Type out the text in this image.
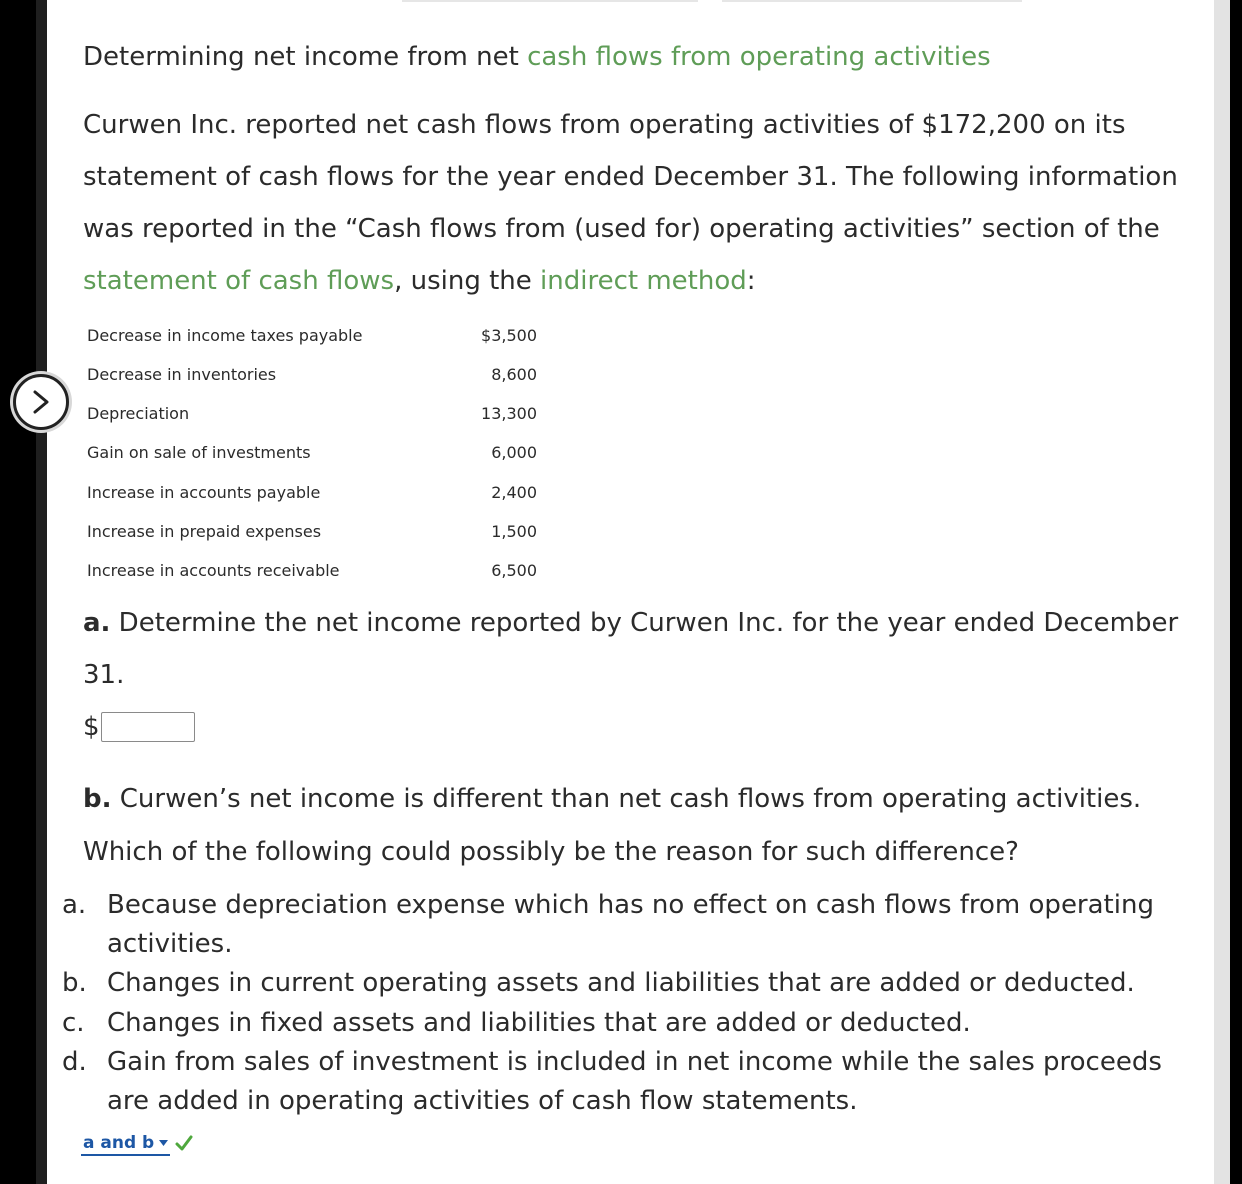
Determining net income from net cash flows from operating activities
Curwen Inc. reported net cash flows from operating activities of $172,200 on its
statement of cash flows for the year ended December 31. The following information
was reported in the “Cash flows from (used for) operating activities” section of the
statement of cash flows, using the indirect method:
Decrease in income taxes payable	$3,500
Decrease in inventories	8,600
Depreciation	13,300
Gain on sale of investments	6,000
Increase in accounts payable	2,400
Increase in prepaid expenses	1,500
Increase in accounts receivable	6,500
a. Determine the net income reported by Curwen Inc. for the year ended December
31.
$
b. Curwen’s net income is different than net cash flows from operating activities.
Which of the following could possibly be the reason for such difference?
a. Because depreciation expense which has no effect on cash flows from operating
activities.
b. Changes in current operating assets and liabilities that are added or deducted.
c. Changes in fixed assets and liabilities that are added or deducted.
d. Gain from sales of investment is included in net income while the sales proceeds
are added in operating activities of cash flow statements.
a and b
